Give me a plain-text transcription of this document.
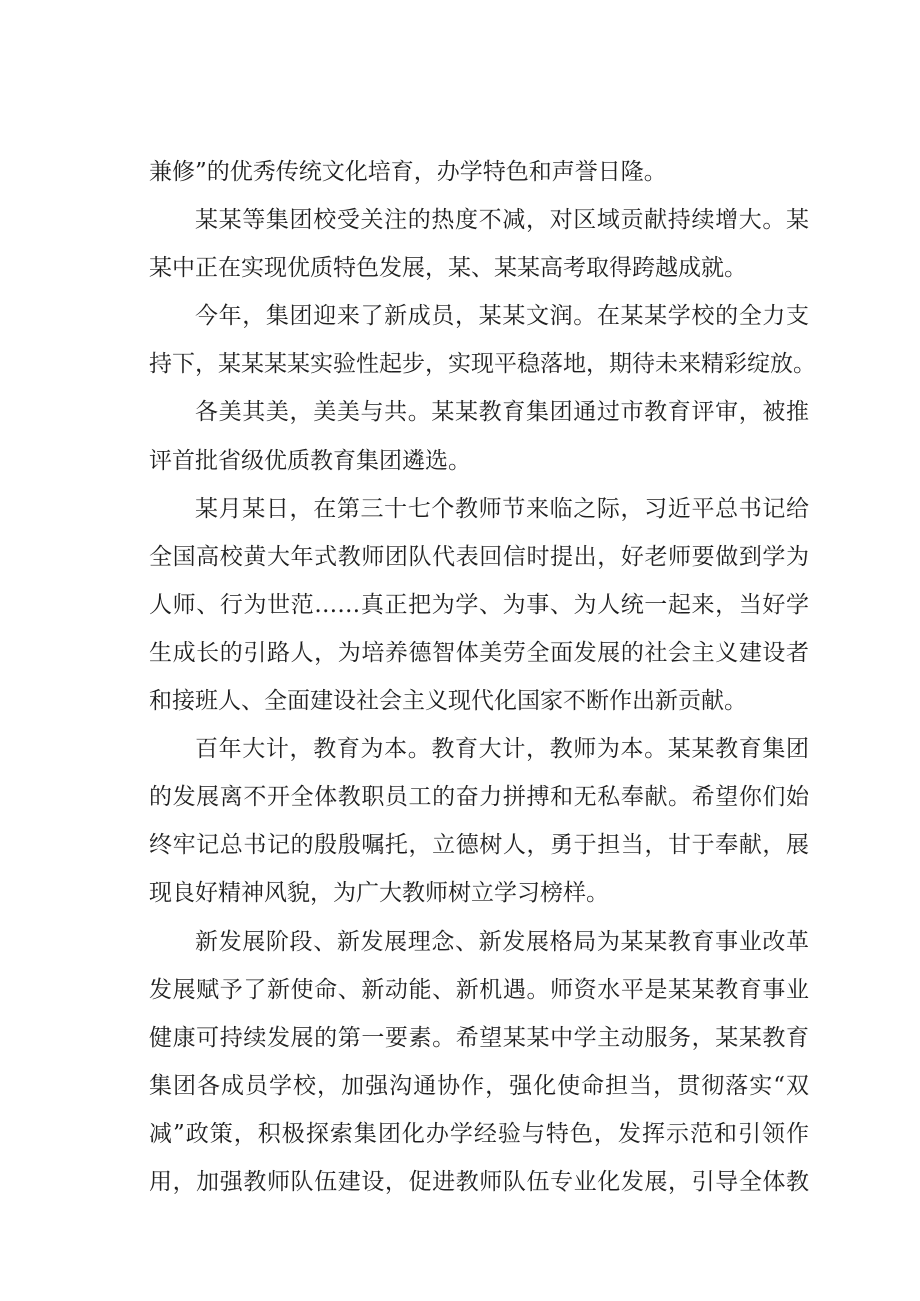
兼修”的优秀传统文化培育，办学特色和声誉日隆。
某某等集团校受关注的热度不减，对区域贡献持续增大。某
某中正在实现优质特色发展，某、某某高考取得跨越成就。
今年，集团迎来了新成员，某某文润。在某某学校的全力支
持下，某某某某实验性起步，实现平稳落地，期待未来精彩绽放。
各美其美，美美与共。某某教育集团通过市教育评审，被推
评首批省级优质教育集团遴选。
某月某日，在第三十七个教师节来临之际，习近平总书记给
全国高校黄大年式教师团队代表回信时提出，好老师要做到学为
人师、行为世范……真正把为学、为事、为人统一起来，当好学
生成长的引路人，为培养德智体美劳全面发展的社会主义建设者
和接班人、全面建设社会主义现代化国家不断作出新贡献。
百年大计，教育为本。教育大计，教师为本。某某教育集团
的发展离不开全体教职员工的奋力拼搏和无私奉献。希望你们始
终牢记总书记的殷殷嘱托，立德树人，勇于担当，甘于奉献，展
现良好精神风貌，为广大教师树立学习榜样。
新发展阶段、新发展理念、新发展格局为某某教育事业改革
发展赋予了新使命、新动能、新机遇。师资水平是某某教育事业
健康可持续发展的第一要素。希望某某中学主动服务，某某教育
集团各成员学校，加强沟通协作，强化使命担当，贯彻落实“双
减”政策，积极探索集团化办学经验与特色，发挥示范和引领作
用，加强教师队伍建设，促进教师队伍专业化发展，引导全体教
